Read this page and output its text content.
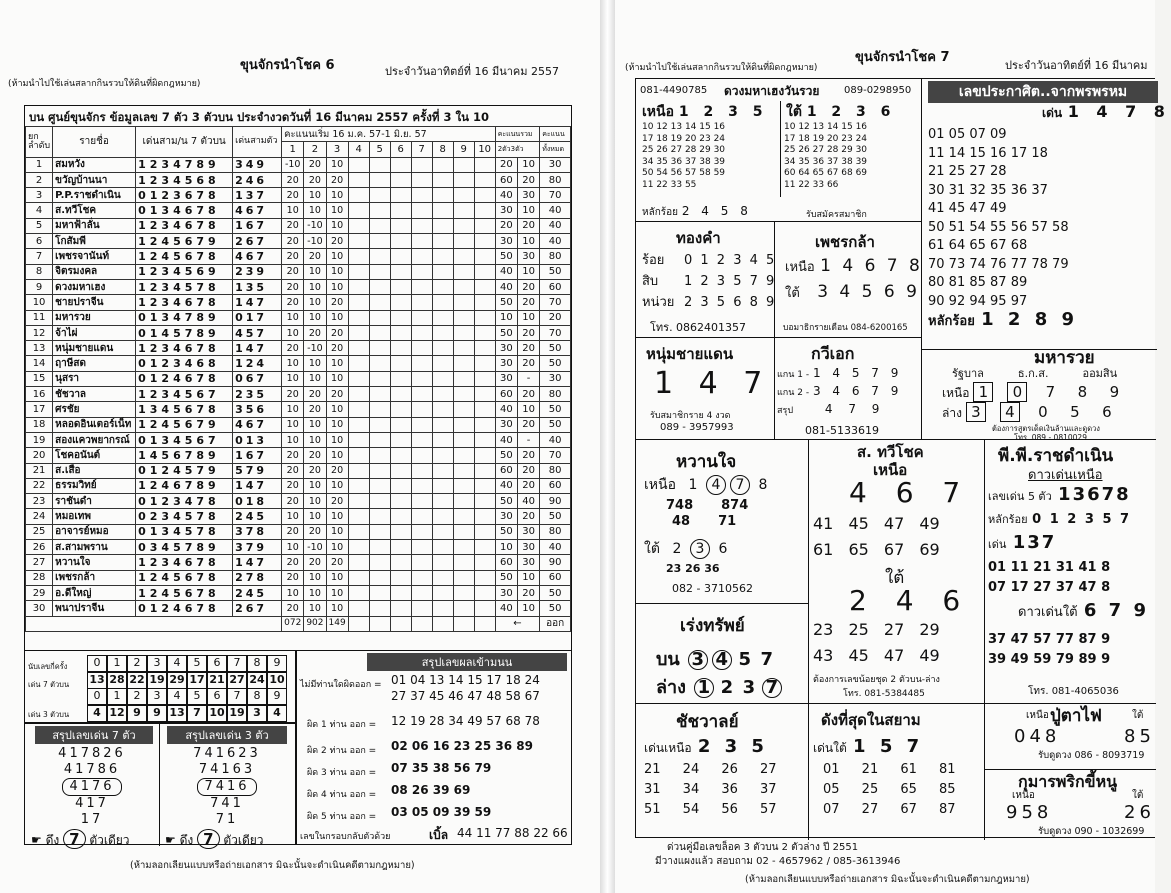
ขุนจักรนำโชค 6
(ห้ามนำไปใช้เล่นสลากกินรวบให้ดินที่ผิดกฎหมาย)
ประจำวันอาทิตย์ที่ 16 มีนาคม 2557
บน ศูนย์ขุนจักร ข้อมูลเลข 7 ตัว 3 ตัวบน ประจำงวดวันที่ 16 มีนาคม 2557 ครั้งที่ 3 ใน 10
ยก ลำดับ	รายชื่อ	เด่นสาม/น 7 ตัวบน	เด่นสามตัว	คะแนนเริ่ม 16 ม.ค. 57-1 มิ.ย. 57										คะแนนรวม		คะแนน
				1	2	3	4	5	6	7	8	9	10	2ตัว3ตัว		ทั้งหมด
1	สมหวัง	1234789	349	-10	20	10								20	10	30
2	ขวัญบ้านนา	1234568	246	20	20	20								60	20	80
3	P.P.ราชดำเนิน	0123678	137	20	10	10								40	30	70
4	ส.ทวีโชค	0134678	467	10	10	10								30	10	40
5	มหาฟ้าลั่น	1234678	167	20	-10	10								20	20	40
6	โกสัมพี	1245679	267	20	-10	20								30	10	40
7	เพชรจานันท์	1245678	467	20	20	10								50	30	80
8	จิตรมงคล	1234569	239	20	10	10								40	10	50
9	ดวงมหาเฮง	1234578	135	20	10	10								40	20	60
10	ชายปราจีน	1234678	147	20	10	20								50	20	70
11	มหารวย	0134789	017	10	10	10								10	10	20
12	จ้าไผ่	0145789	457	10	20	20								50	20	70
13	หนุ่มชายแดน	1234678	147	20	-10	20								30	20	50
14	ฤาษีสด	0123468	124	10	10	10								30	20	50
15	นุสรา	0124678	067	10	10	10								30	-	30
16	ชัชวาล	1234567	235	20	20	20								60	20	80
17	ศรชัย	1345678	356	10	20	10								40	10	50
18	หลอดอินเตอร์เน็ท	1245679	467	10	10	10								30	20	50
19	สองแควพยากรณ์	0134567	013	10	10	10								40	-	40
20	โชคอนันต์	1456789	167	20	20	10								50	20	70
21	ส.เสือ	0124579	579	20	20	20								60	20	80
22	ธรรมวิทย์	1246789	147	20	10	10								40	20	60
23	ราชันดำ	0123478	018	20	10	20								50	40	90
24	หมอเทพ	0234578	245	10	10	10								30	20	50
25	อาจารย์หมอ	0134578	378	20	20	10								50	30	80
26	ส.สามพราน	0345789	379	10	-10	10								10	30	40
27	หวานใจ	1234678	147	20	20	20								60	30	90
28	เพชรกล้า	1245678	278	20	10	10								50	10	60
29	อ.ดีใหญ่	1245678	245	10	10	10								30	20	50
30	พนาปราจีน	0124678	267	20	10	10								40	10	50
				072	902	149								←		ออก
นับเลขกี่ครั้ง
เด่น 7 ตัวบน
เด่น 3 ตัวบน
0	1	2	3	4	5	6	7	8	9
13 28 22 19 29 17 21 27 24 10
0	1	2	3	4	5	6	7	8	9
4 12 9	9 13 7 10 19 3	4
สรุปเลขเด่น 7 ตัว	สรุปเลขเด่น 3 ตัว
417826
41786
4176

417
17
741623
74163
7416

741
71
☛ ดึง 7 ตัวเดียว	☛ ดึง 7 ตัวเดียว
สรุปเลขผลเข้ามนน
ไม่มีท่านใดผิดออก = 01 04 13 14 15 17 18 24
27 37 45 46 47 48 58 67
ผิด 1 ท่าน ออก = 12 19 28 34 49 57 68 78
ผิด 2 ท่าน ออก = 02 06 16 23 25 36 89
ผิด 3 ท่าน ออก = 07 35 38 56 79
ผิด 4 ท่าน ออก = 08 26 39 69
ผิด 5 ท่าน ออก = 03 05 09 39 59
เลขในกรอบกลับตัวด้วย	เบิ้ล 44 11 77 88 22 66
(ห้ามลอกเลียนแบบหรือถ่ายเอกสาร มิฉะนั้นจะดำเนินคดีตามกฎหมาย)
ขุนจักรนำโชค 7
(ห้ามนำไปใช้เล่นสลากกินรวบให้ดินที่ผิดกฎหมาย)	ประจำวันอาทิตย์ที่ 16 มีนาคม
081-4490785 ดวงมหาเฮงวันรวย 089-0298950
เหนือ 1 2 3 5 ใต้ 1 2 3 6
10 12 13 14 15 16
17 18 19 20 23 24
25 26 27 28 29 30
34 35 36 37 38 39
50 54 56 57 58 59
11 22 33 55
10 12 13 14 15 16
17 18 19 20 23 24
25 26 27 28 29 30
34 35 36 37 38 39
60 64 65 67 68 69
11 22 33 66
หลักร้อย 2 4 5 8	รับสมัครสมาชิก
เลขประกาศิต..จากพรพรหม
เด่น 1 4 7 8
01 05 07 09
11 14 15 16 17 18
21 25 27 28
30 31 32 35 36 37
41 45 47 49
50 51 54 55 56 57 58
61 64 65 67 68
70 73 74 76 77 78 79
80 81 85 87 89
90 92 94 95 97
หลักร้อย 1 2 8 9
ทองคำ
ร้อย 0 1 2 3 4 5
สิบ 1 2 3 5 7 9
หน่วย 2 3 5 6 8 9
โทร. 0862401357
เพชรกล้า
เหนือ 1 4 6 7 8
ใต้ 3 4 5 6 9
บอมาธิกรายเดือน 084-6200165
หนุ่มชายแดน
1 4 7
รับสมาชิกราย 4 งวด
089 - 3957993
กวีเอก
แกน 1 - 1 4 5 7 9
แกน 2 - 3 4 6 7 9
สรุป	4 7 9
081-5133619
มหารวย
รัฐบาล	ธ.ก.ส.	ออมสิน
เหนือ 1 0 7 8 9
ล่าง 3 4 0 5 6
ต้องการสูตรเด็ดเงินล้านและดูดวง
โทร. 089 - 0810029
หวานใจ
เหนือ 1 4 7 8
748 874
48 71
ใต้ 2 3 6
23 26 36
082 - 3710562
ส. ทวีโชค
เหนือ
4 6 7
41 45 47 49
61 65 67 69
ใต้
2 4 6
23 25 27 29
43 45 47 49
ต้องการเลขน้อยชุด 2 ตัวบน-ล่าง
โทร. 081-5384485
พี.พี.ราชดำเนิน
ดาวเด่นเหนือ
เลขเด่น 5 ตัว 13678
หลักร้อย 0 1 2 3 5 7
เด่น 137
01 11 21 31 41 8
07 17 27 37 47 8
ดาวเด่นใต้ 6 7 9
37 47 57 77 87 9
39 49 59 79 89 9
โทร. 081-4065036
เร่งทรัพย์
บน 3 4 5 7
ล่าง 1 2 3 7
ชัชวาลย์
เด่นเหนือ 2 3 5
21 24 26 27
31 34 36 37
51 54 56 57
ดังที่สุดในสยาม
เด่นใต้ 1 5 7
01 21 61 81
05 25 65 85
07 27 67 87
เหนือ ปู่ตาไฟ	ใต้
048	85
รับดูดวง 086 - 8093719
กุมารพริกขี้หนู
เหนือ	ใต้
958	26
รับดูดวง 090 - 1032699
ด่วนคู่มือเลขล็อค 3 ตัวบน 2 ตัวล่าง ปี 2551
มีวางแผงแล้ว สอบถาม 02 - 4657962 / 085-3613946
(ห้ามลอกเลียนแบบหรือถ่ายเอกสาร มิฉะนั้นจะดำเนินคดีตามกฎหมาย)
